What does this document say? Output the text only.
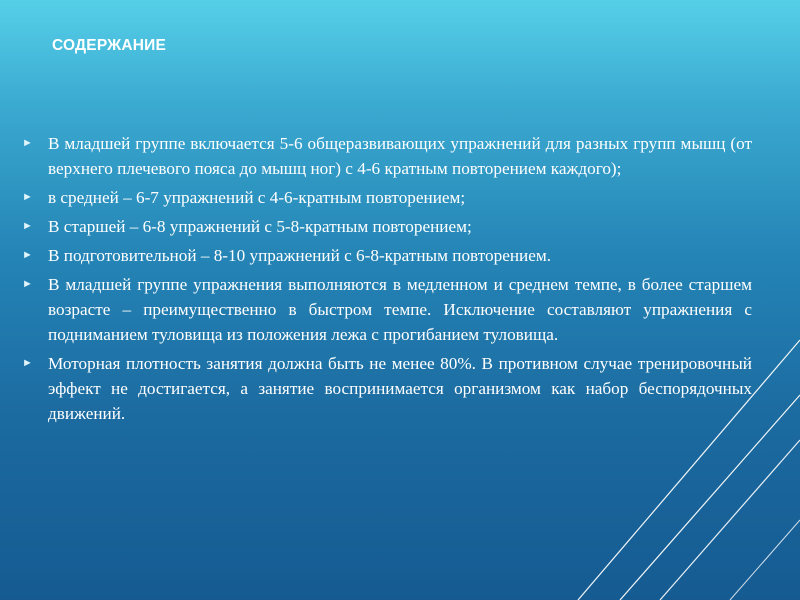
СОДЕРЖАНИЕ
► В младшей группе включается 5-6 общеразвивающих упражнений для разных групп мышц (от верхнего плечевого пояса до мышц ног) с 4-6 кратным повторением каждого);
► в средней – 6-7 упражнений с 4-6-кратным повторением;
► В старшей – 6-8 упражнений с 5-8-кратным повторением;
► В подготовительной – 8-10 упражнений с 6-8-кратным повторением.
► В младшей группе упражнения выполняются в медленном и среднем темпе, в более старшем возрасте – преимущественно в быстром темпе. Исключение составляют упражнения с подниманием туловища из положения лежа с прогибанием туловища.
► Моторная плотность занятия должна быть не менее 80%. В противном случае тренировочный эффект не достигается, а занятие воспринимается организмом как набор беспорядочных движений.
